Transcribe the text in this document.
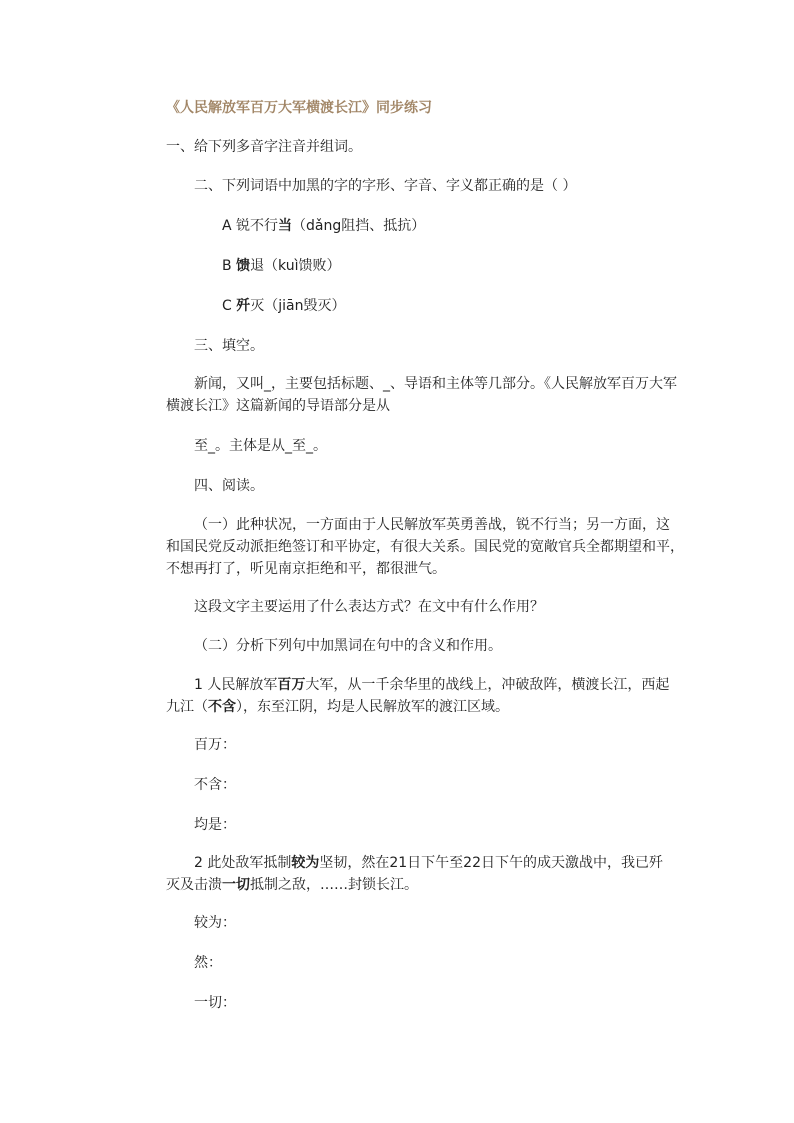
《人民解放军百万大军横渡长江》同步练习
一、给下列多音字注音并组词。
二、下列词语中加黑的字的字形、字音、字义都正确的是（ ）
A 锐不行当（dǎng阻挡、抵抗）
B 馈退（kuì馈败）
C 歼灭（jiān毁灭）
三、填空。
新闻，又叫_，主要包括标题、_、导语和主体等几部分。《人民解放军百万大军
横渡长江》这篇新闻的导语部分是从
至_。主体是从_至_。
四、阅读。
（一）此种状况，一方面由于人民解放军英勇善战，锐不行当；另一方面，这
和国民党反动派拒绝签订和平协定，有很大关系。国民党的宽敞官兵全都期望和平，
不想再打了，听见南京拒绝和平，都很泄气。
这段文字主要运用了什么表达方式？在文中有什么作用？
（二）分析下列句中加黑词在句中的含义和作用。
1 人民解放军百万大军，从一千余华里的战线上，冲破敌阵，横渡长江，西起
九江（不含），东至江阴，均是人民解放军的渡江区域。
百万：
不含：
均是：
2 此处敌军抵制较为坚韧，然在21日下午至22日下午的成天激战中，我已歼
灭及击溃一切抵制之敌，……封锁长江。
较为：
然：
一切：
